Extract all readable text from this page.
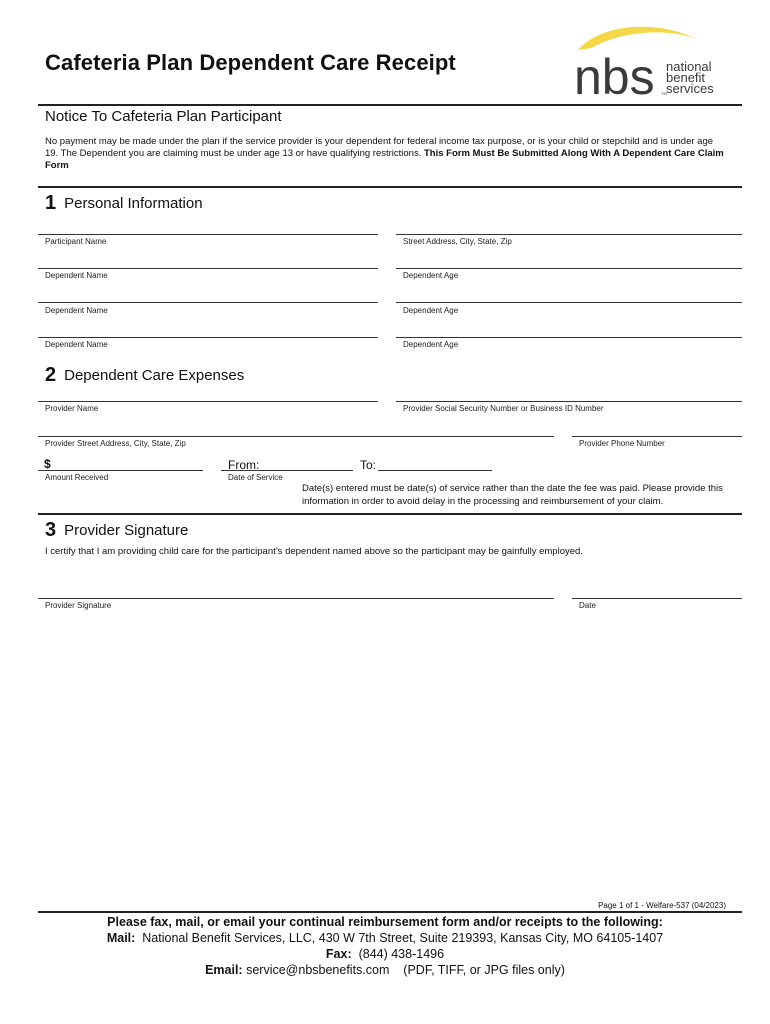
Cafeteria Plan Dependent Care Receipt nbs national
benefit
services
TM
Notice To Cafeteria Plan Participant
No payment may be made under the plan if the service provider is your dependent for federal income tax purpose, or is your child or stepchild and is under age 19. The Dependent you are claiming must be under age 13 or have qualifying restrictions. This Form Must Be Submitted Along With A Dependent Care Claim Form
1 Personal Information
Participant Name	Street Address, City, State, Zip
Dependent Name	Dependent Age
Dependent Name	Dependent Age
Dependent Name	Dependent Age
2 Dependent Care Expenses
Provider Name	Provider Social Security Number or Business ID Number
Provider Street Address, City, State, Zip	Provider Phone Number
$
Amount Received
From:	To:
Date of Service
Date(s) entered must be date(s) of service rather than the date the fee was paid. Please provide this information in order to avoid delay in the processing and reimbursement of your claim.
3 Provider Signature
I certify that I am providing child care for the participant’s dependent named above so the participant may be gainfully employed.
Provider Signature	Date
Page 1 of 1 - Welfare-537 (04/2023)
Please fax, mail, or email your continual reimbursement form and/or receipts to the following:
Mail: National Benefit Services, LLC, 430 W 7th Street, Suite 219393, Kansas City, MO 64105-1407
Fax: (844) 438-1496
Email: service@nbsbenefits.com (PDF, TIFF, or JPG files only)
